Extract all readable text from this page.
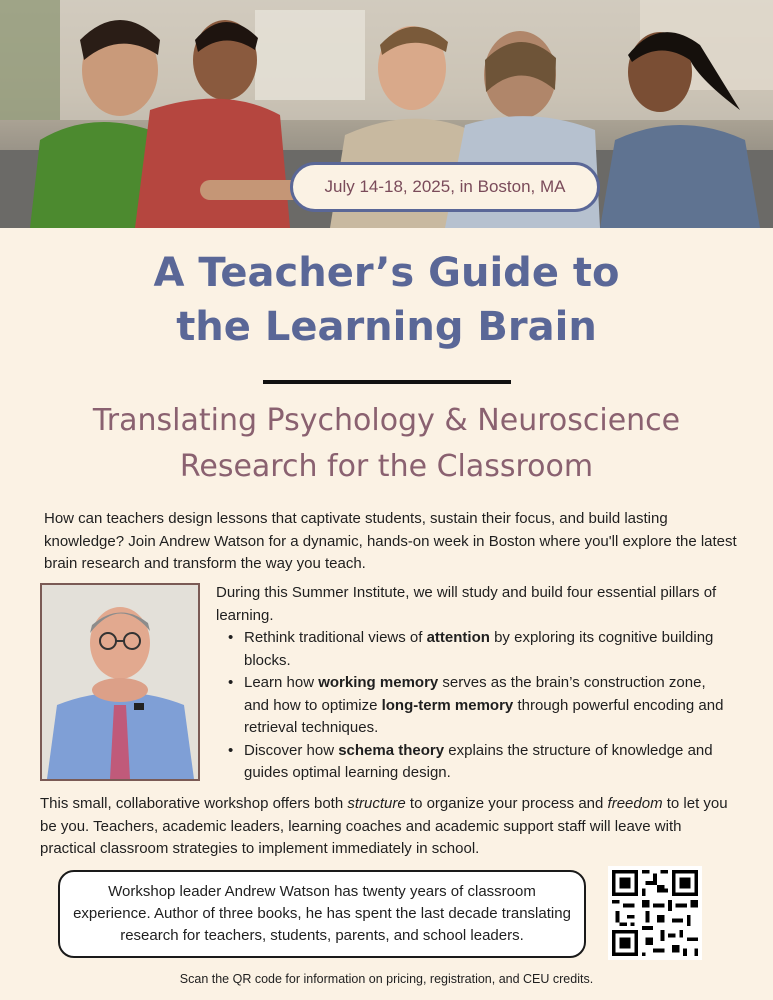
July 14-18, 2025, in Boston, MA
A Teacher’s Guide to
the Learning Brain
Translating Psychology & Neuroscience
Research for the Classroom

How can teachers design lessons that captivate students, sustain their focus, and build lasting knowledge? Join Andrew Watson for a dynamic, hands-on week in Boston where you'll explore the latest brain research and transform the way you teach.

During this Summer Institute, we will study and build four essential pillars of learning.

• Rethink traditional views of attention by exploring its cognitive building blocks.
• Learn how working memory serves as the brain’s construction zone, and how to optimize long-term memory through powerful encoding and retrieval techniques.
• Discover how schema theory explains the structure of knowledge and guides optimal learning design.

This small, collaborative workshop offers both structure to organize your process and freedom to let you be you. Teachers, academic leaders, learning coaches and academic support staff will leave with practical classroom strategies to implement immediately in school.

Workshop leader Andrew Watson has twenty years of classroom experience. Author of three books, he has spent the last decade translating research for teachers, students, parents, and school leaders.
Scan the QR code for information on pricing, registration, and CEU credits.
